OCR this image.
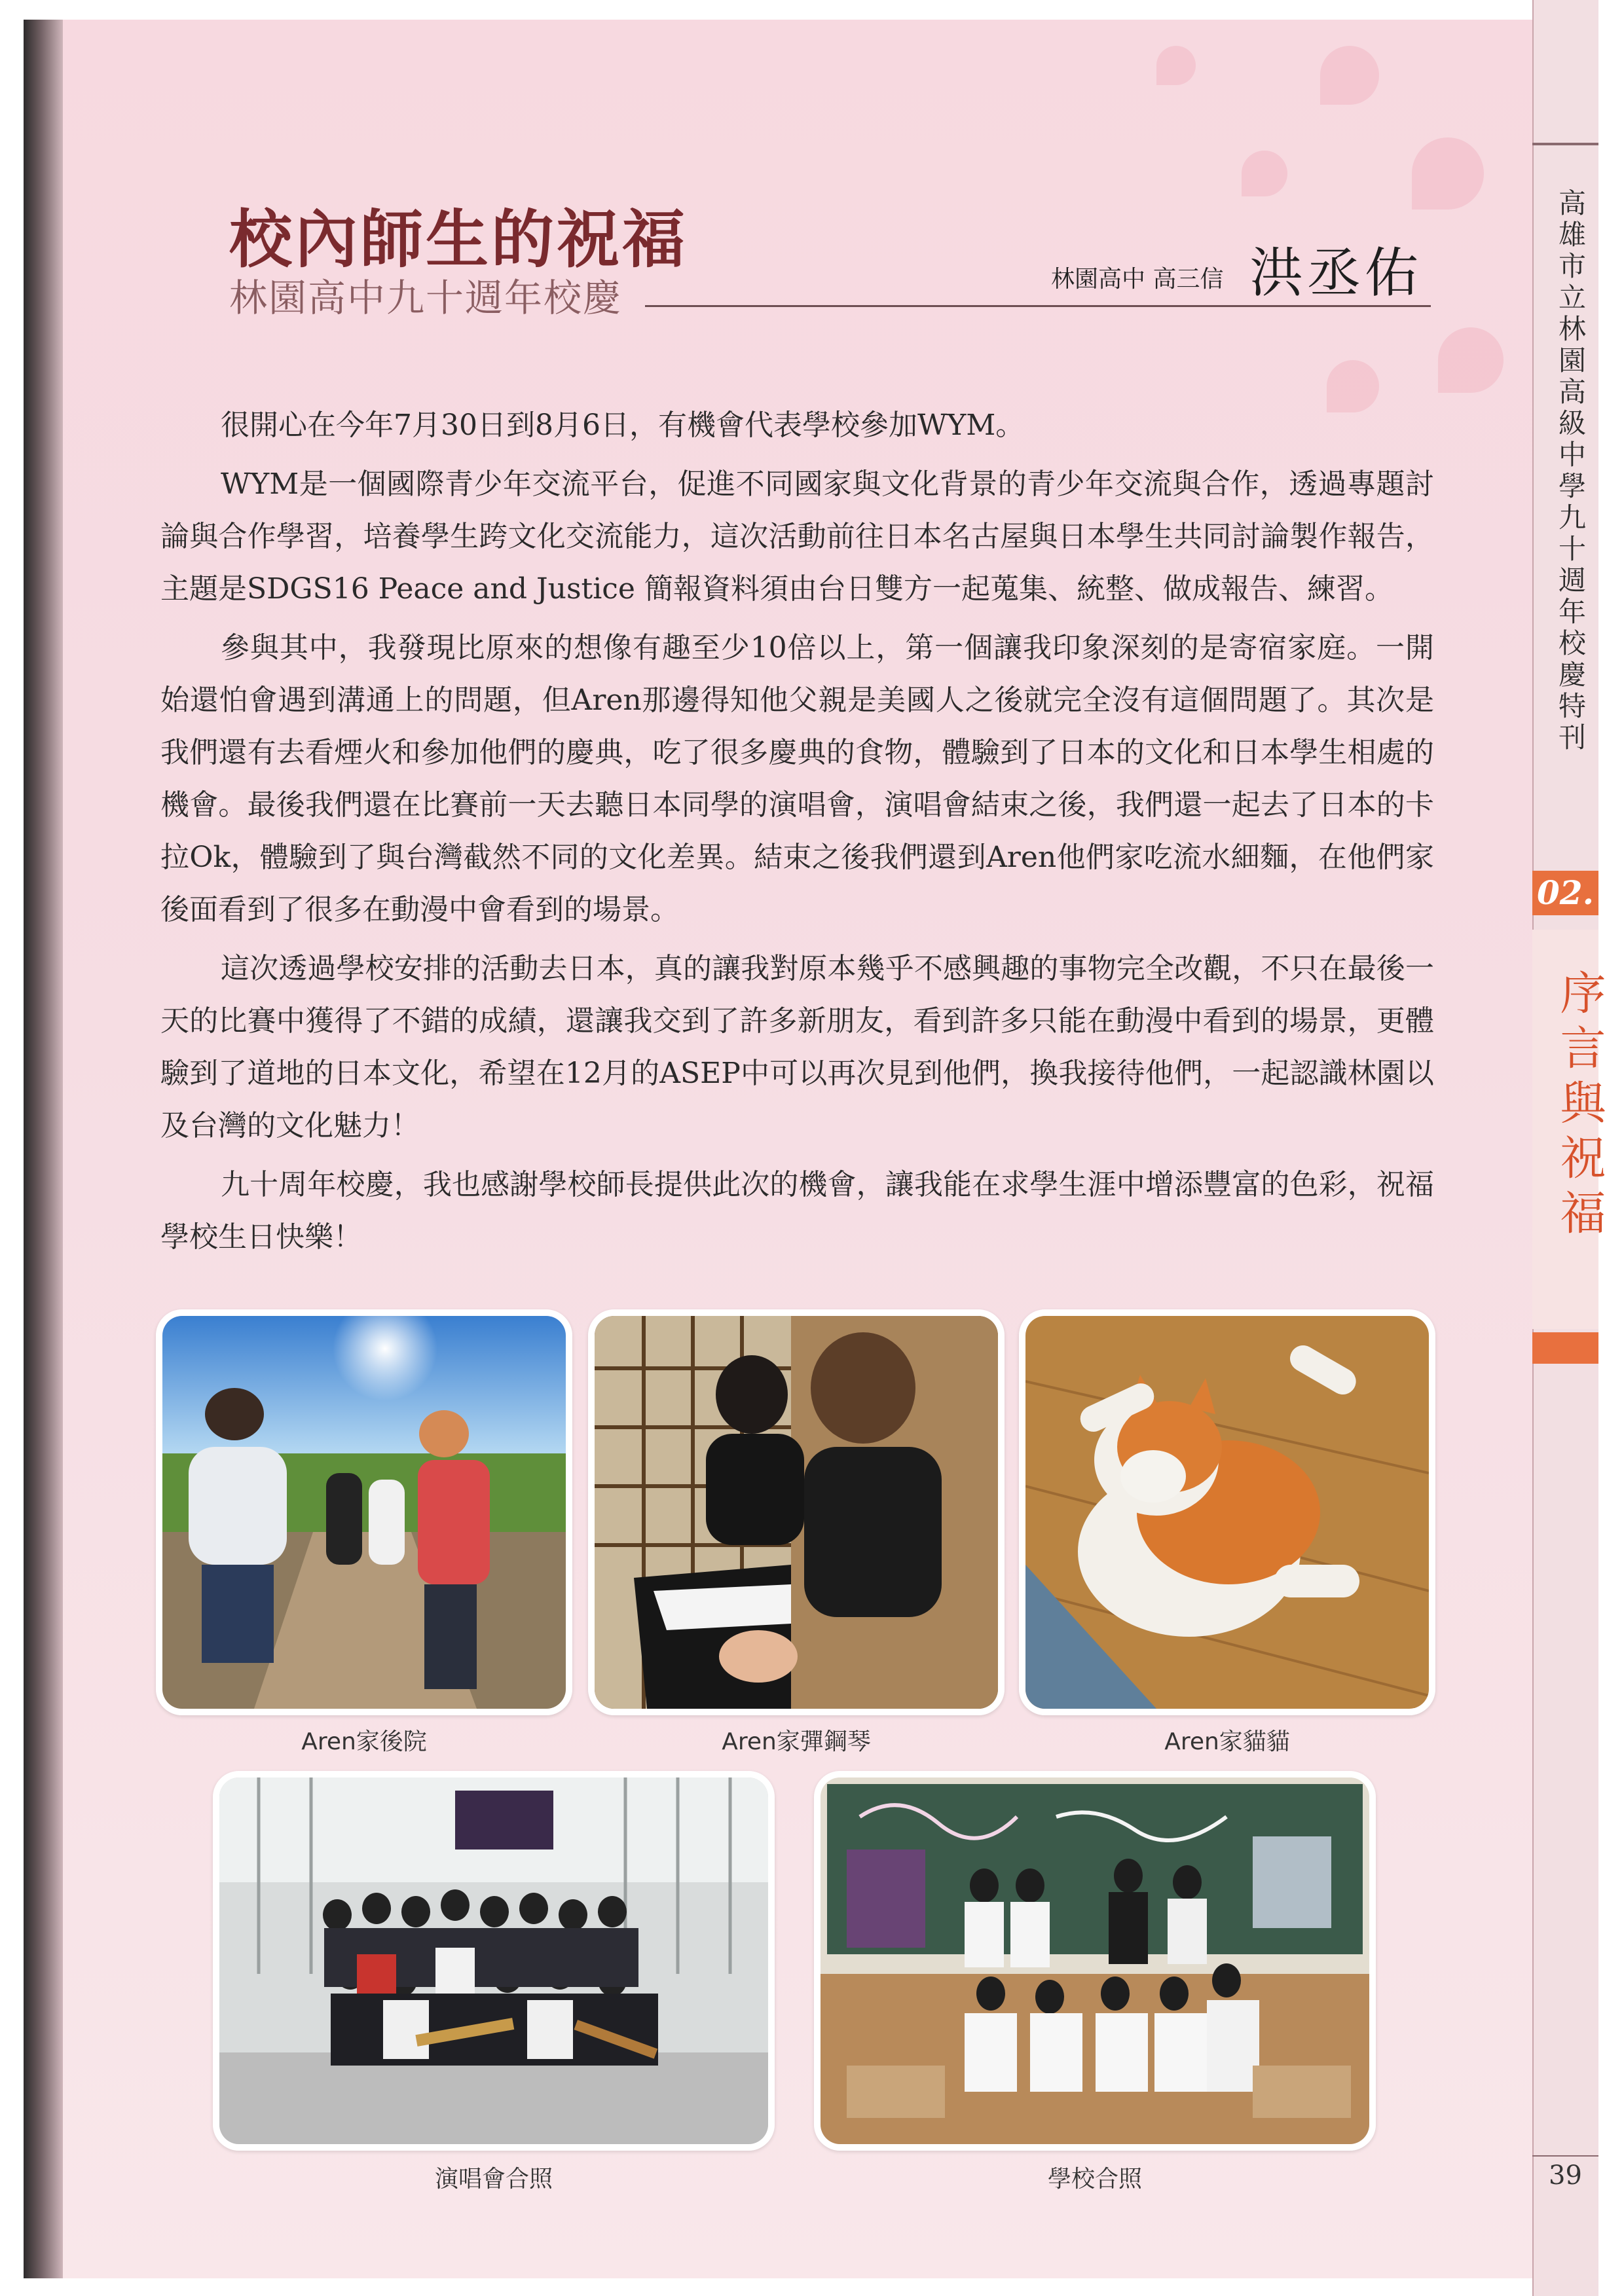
高雄市立林園高級中學九十週年校慶特刊
02.
序言與祝福
39
校內師生的祝福
林園高中九十週年校慶	林園高中 高三信 洪丞佑

很開心在今年7月30日到8月6日，有機會代表學校參加WYM。

WYM是一個國際青少年交流平台，促進不同國家與文化背景的青少年交流與合作，透過專題討論與合作學習，培養學生跨文化交流能力，這次活動前往日本名古屋與日本學生共同討論製作報告，主題是SDGS16 Peace and Justice 簡報資料須由台日雙方一起蒐集、統整、做成報告、練習。

參與其中，我發現比原來的想像有趣至少10倍以上，第一個讓我印象深刻的是寄宿家庭。一開始還怕會遇到溝通上的問題，但Aren那邊得知他父親是美國人之後就完全沒有這個問題了。其次是我們還有去看煙火和參加他們的慶典，吃了很多慶典的食物，體驗到了日本的文化和日本學生相處的機會。最後我們還在比賽前一天去聽日本同學的演唱會，演唱會結束之後，我們還一起去了日本的卡拉Ok，體驗到了與台灣截然不同的文化差異。結束之後我們還到Aren他們家吃流水細麵，在他們家後面看到了很多在動漫中會看到的場景。

這次透過學校安排的活動去日本，真的讓我對原本幾乎不感興趣的事物完全改觀，不只在最後一天的比賽中獲得了不錯的成績，還讓我交到了許多新朋友，看到許多只能在動漫中看到的場景，更體驗到了道地的日本文化，希望在12月的ASEP中可以再次見到他們，換我接待他們，一起認識林園以及台灣的文化魅力！

九十周年校慶，我也感謝學校師長提供此次的機會，讓我能在求學生涯中增添豐富的色彩，祝福學校生日快樂！

Aren家後院	Aren家彈鋼琴	Aren家貓貓
演唱會合照	學校合照
